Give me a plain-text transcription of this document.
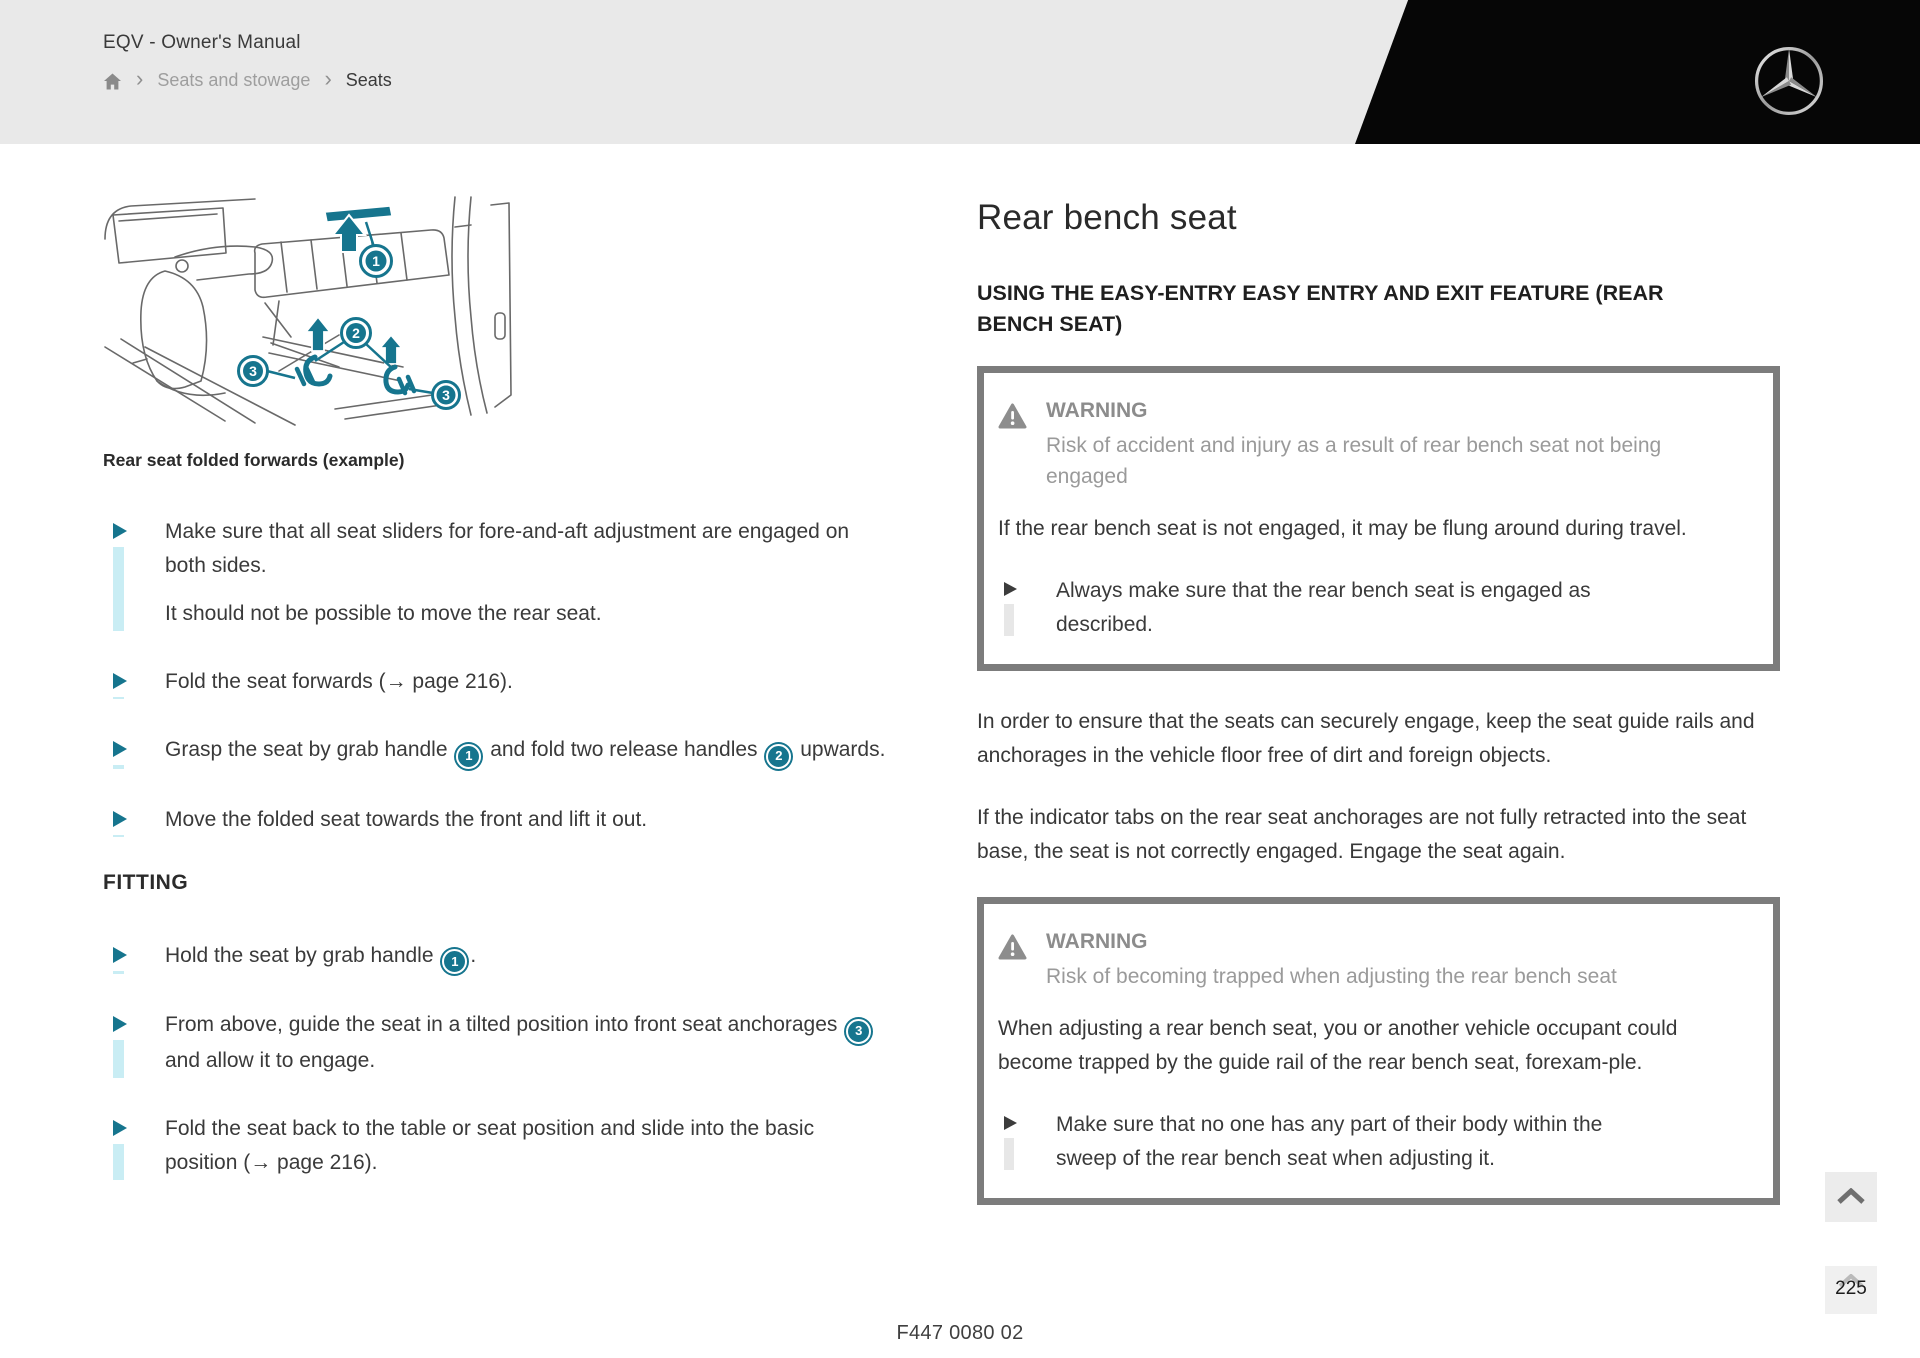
EQV - Owner's Manual
› Seats and stowage › Seats
1
2
3
3
Rear seat folded forwards (example)

Make sure that all seat sliders for fore-and-aft adjustment are engaged on both sides.

It should not be possible to move the rear seat.

Fold the seat forwards (→ page 216).

Grasp the seat by grab handle 1 and fold two release handles 2 upwards.

Move the folded seat towards the front and lift it out.

FITTING

Hold the seat by grab handle 1 .

From above, guide the seat in a tilted position into front seat anchorages 3 and allow it to engage.

Fold the seat back to the table or seat position and slide into the basic position (→ page 216).

Rear bench seat
USING THE EASY-ENTRY EASY ENTRY AND EXIT FEATURE (REAR BENCH SEAT)
WARNING
Risk of accident and injury as a result of rear bench seat not being engaged

If the rear bench seat is not engaged, it may be flung around during travel.

Always make sure that the rear bench seat is engaged as described.

In order to ensure that the seats can securely engage, keep the seat guide rails and anchorages in the vehicle floor free of dirt and foreign objects.

If the indicator tabs on the rear seat anchorages are not fully retracted into the seat base, the seat is not correctly engaged. Engage the seat again.

WARNING
Risk of becoming trapped when adjusting the rear bench seat

When adjusting a rear bench seat, you or another vehicle occupant could become trapped by the guide rail of the rear bench seat, forexam-ple.

Make sure that no one has any part of their body within the sweep of the rear bench seat when adjusting it.

225
F447 0080 02
